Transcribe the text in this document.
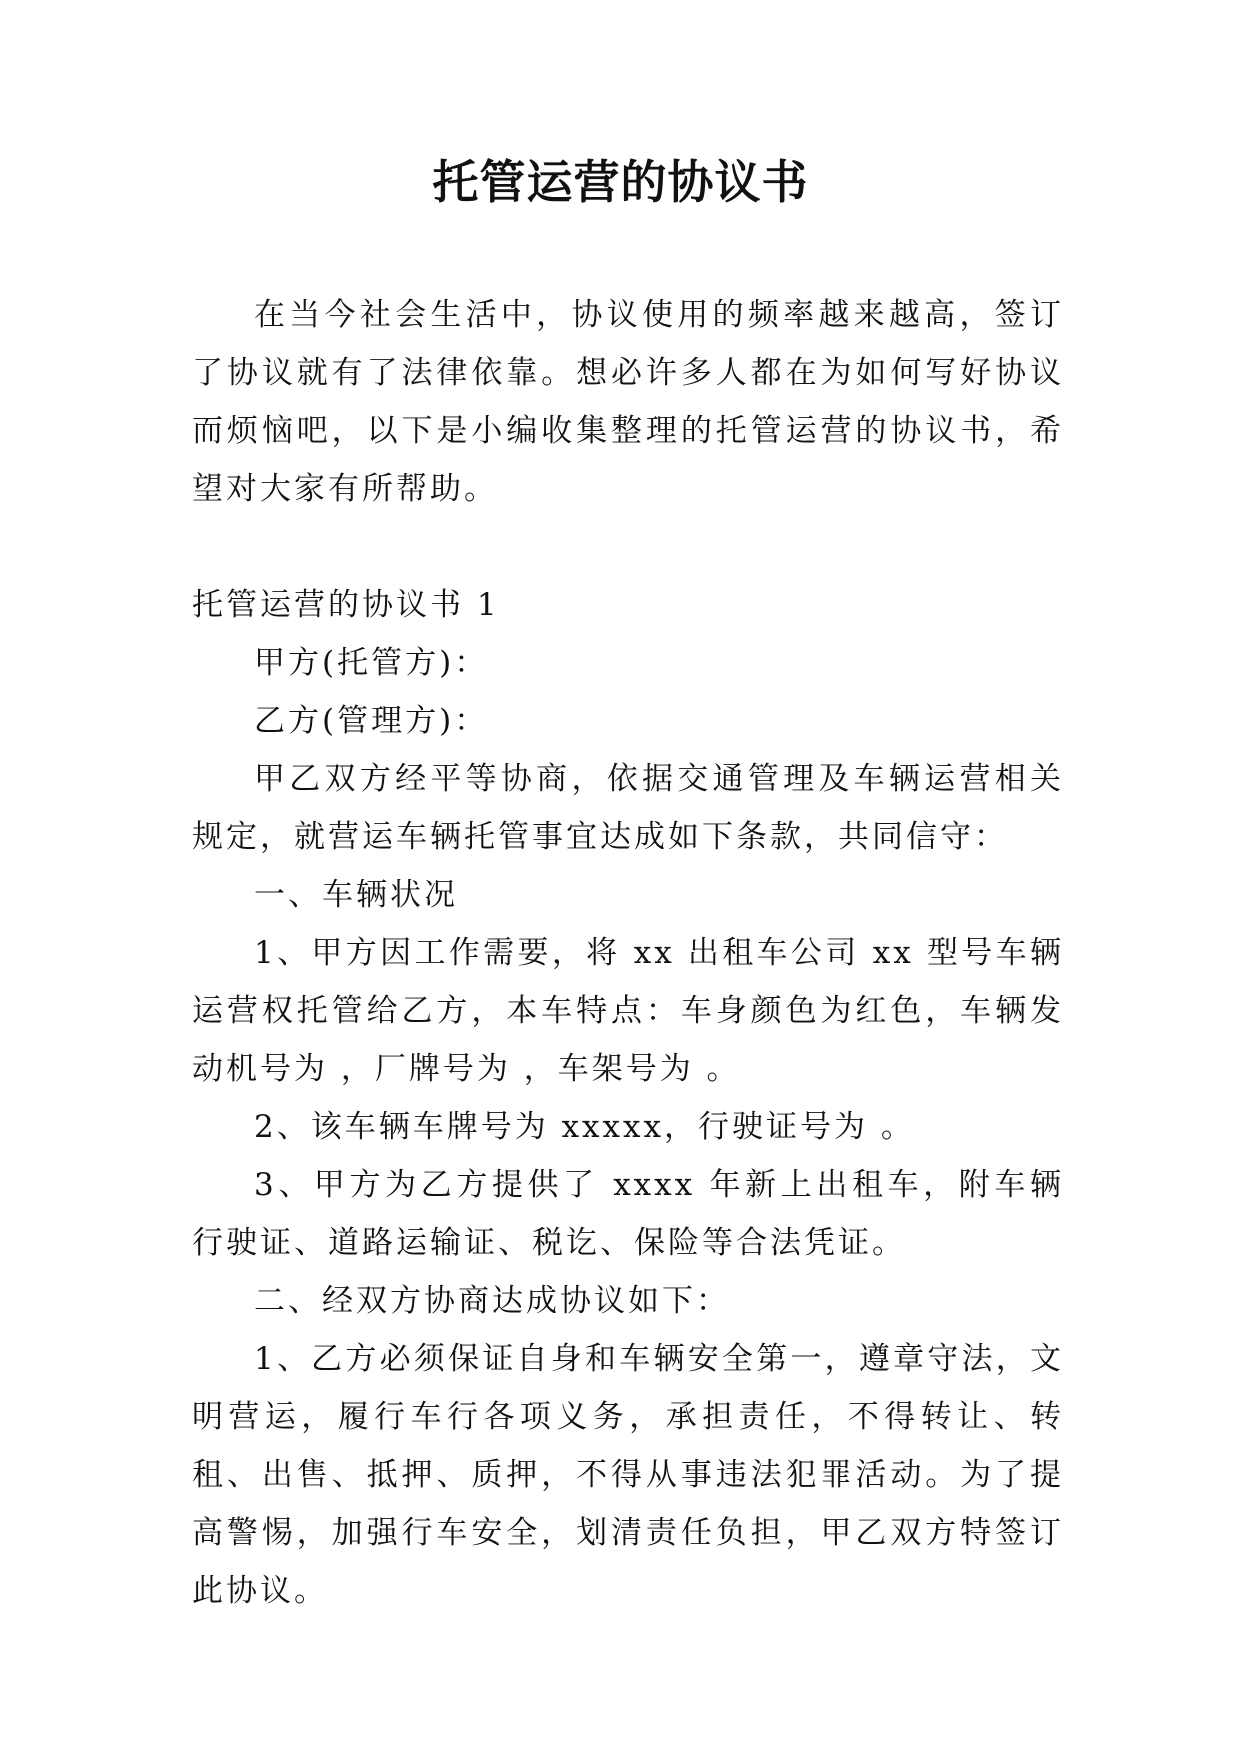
托管运营的协议书

在当今社会生活中，协议使用的频率越来越高，签订了协议就有了法律依靠。想必许多人都在为如何写好协议而烦恼吧，以下是小编收集整理的托管运营的协议书，希望对大家有所帮助。

托管运营的协议书 1

甲方(托管方)：

乙方(管理方)：

甲乙双方经平等协商，依据交通管理及车辆运营相关规定，就营运车辆托管事宜达成如下条款，共同信守：

一、车辆状况

1、甲方因工作需要，将 xx 出租车公司 xx 型号车辆运营权托管给乙方，本车特点：车身颜色为红色，车辆发动机号为 ，厂牌号为 ，车架号为 。

2、该车辆车牌号为 xxxxx，行驶证号为 。

3、甲方为乙方提供了 xxxx 年新上出租车，附车辆行驶证、道路运输证、税讫、保险等合法凭证。

二、经双方协商达成协议如下：

1、乙方必须保证自身和车辆安全第一，遵章守法，文明营运，履行车行各项义务，承担责任，不得转让、转租、出售、抵押、质押，不得从事违法犯罪活动。为了提高警惕，加强行车安全，划清责任负担，甲乙双方特签订此协议。
